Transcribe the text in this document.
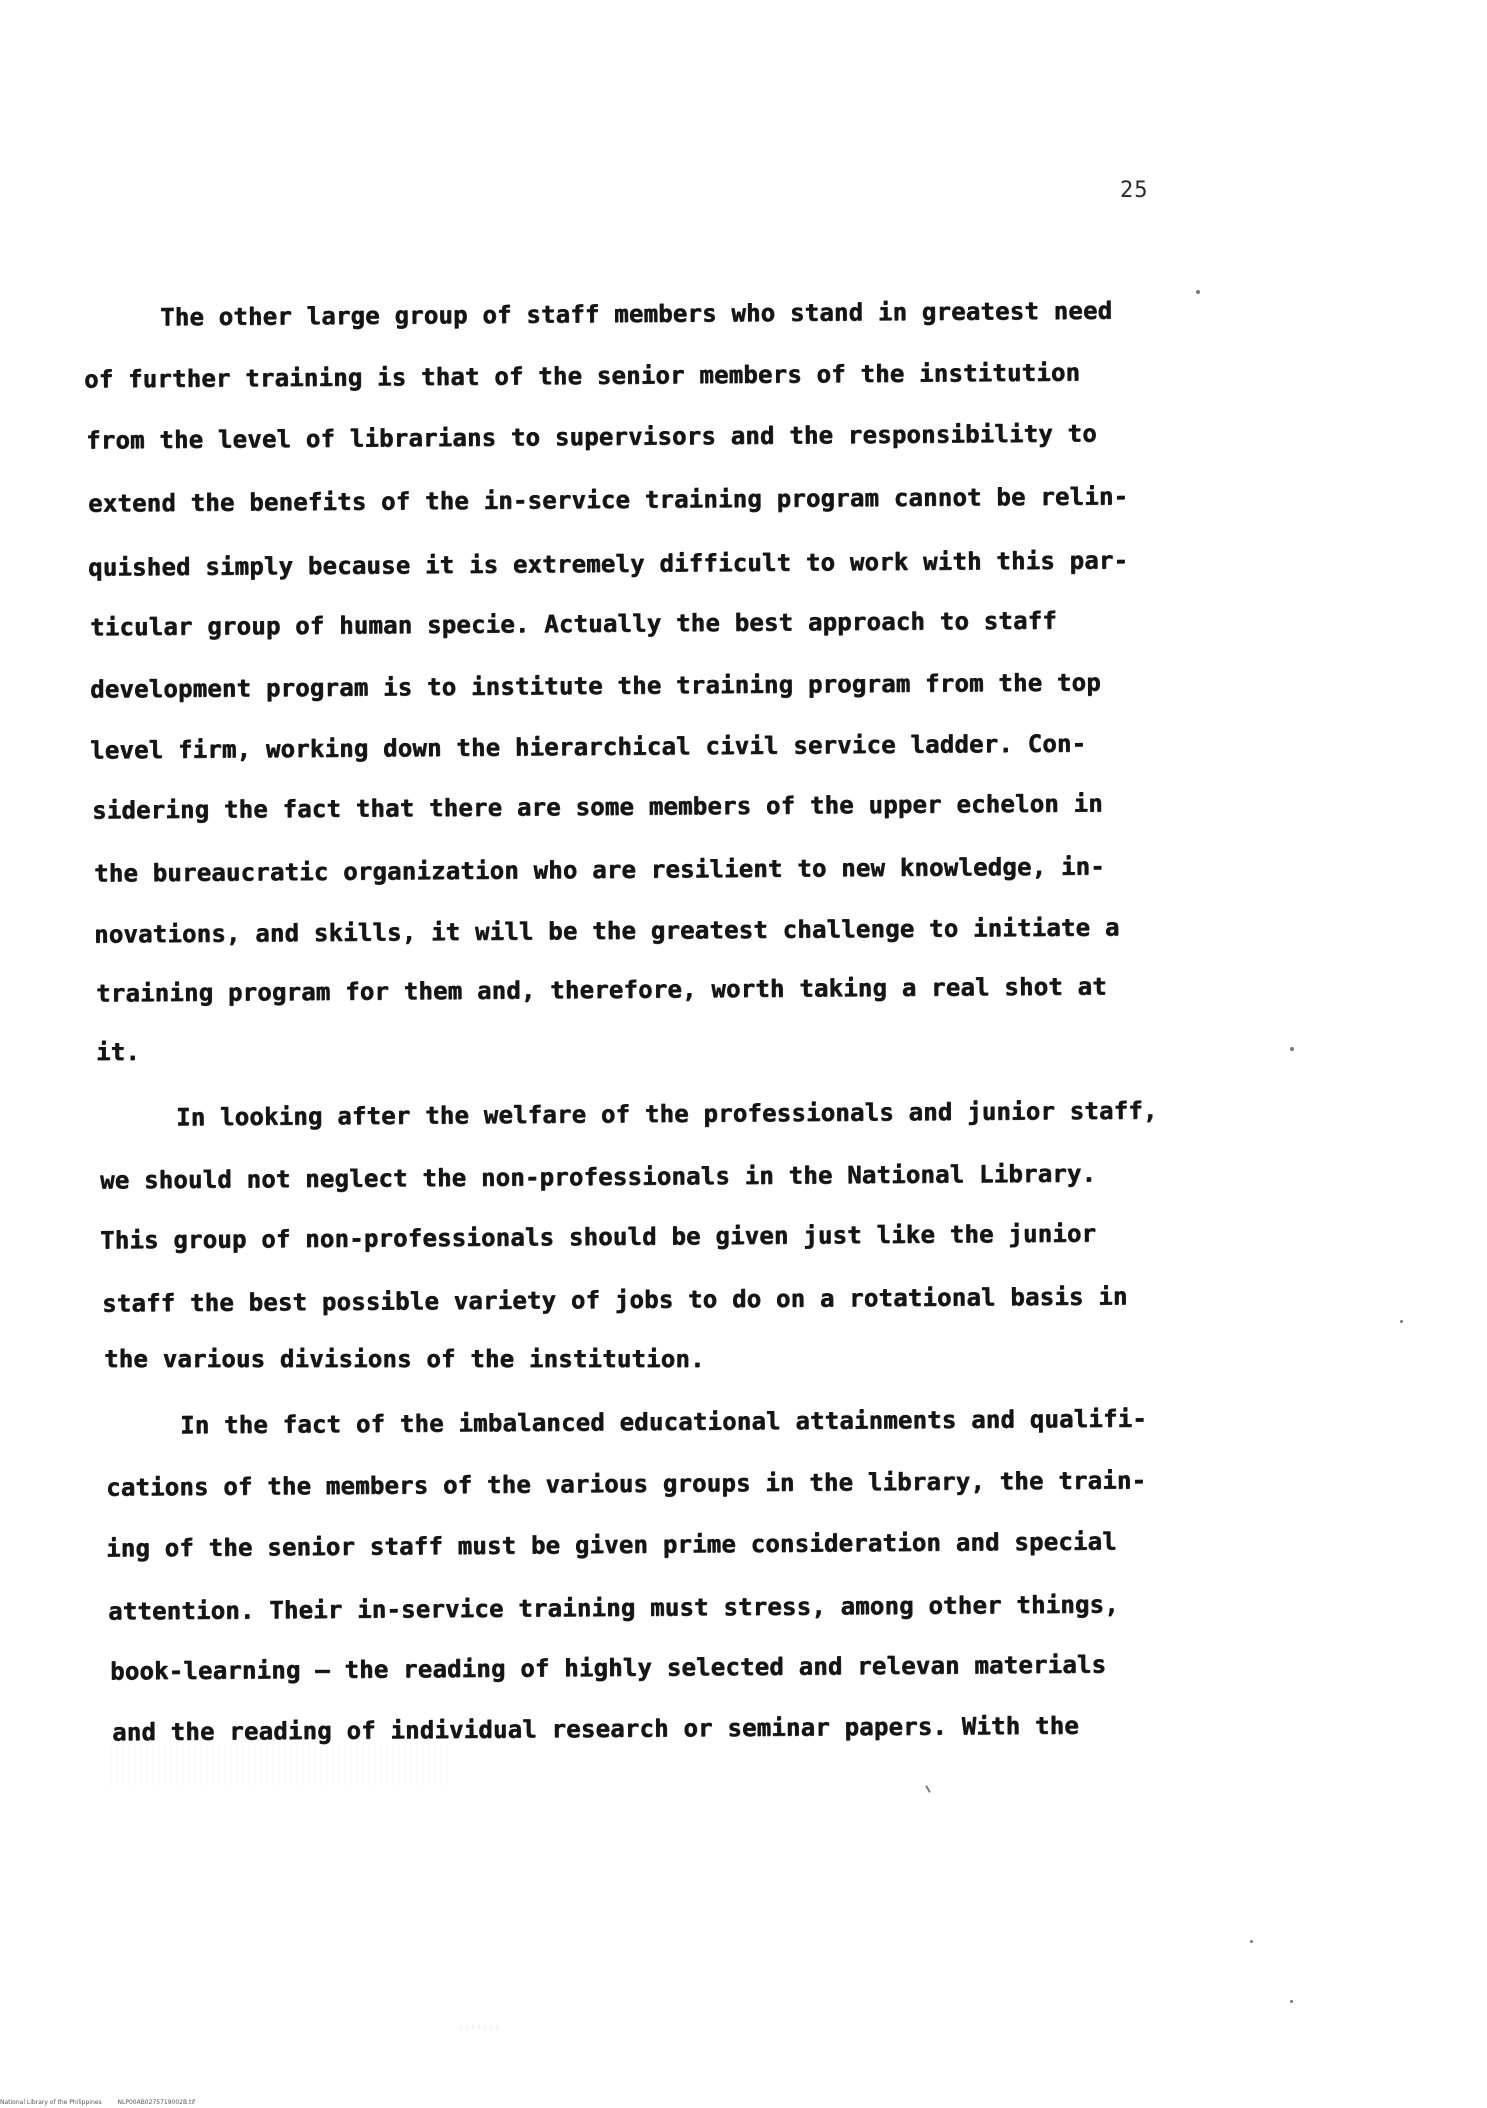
25
The other large group of staff members who stand in greatest need
of further training is that of the senior members of the institution
from the level of librarians to supervisors and the responsibility to
extend the benefits of the in-service training program cannot be relin-
quished simply because it is extremely difficult to work with this par-
ticular group of human specie. Actually the best approach to staff
development program is to institute the training program from the top
level firm, working down the hierarchical civil service ladder. Con-
sidering the fact that there are some members of the upper echelon in
the bureaucratic organization who are resilient to new knowledge, in-
novations, and skills, it will be the greatest challenge to initiate a
training program for them and, therefore, worth taking a real shot at
it.
In looking after the welfare of the professionals and junior staff,
we should not neglect the non-professionals in the National Library.
This group of non-professionals should be given just like the junior
staff the best possible variety of jobs to do on a rotational basis in
the various divisions of the institution.
In the fact of the imbalanced educational attainments and qualifi-
cations of the members of the various groups in the library, the train-
ing of the senior staff must be given prime consideration and special
attention. Their in-service training must stress, among other things,
book-learning — the reading of highly selected and relevan materials
and the reading of individual research or seminar papers. With the
National Library of the Philippines	NLP00AB0275719002B.tif
